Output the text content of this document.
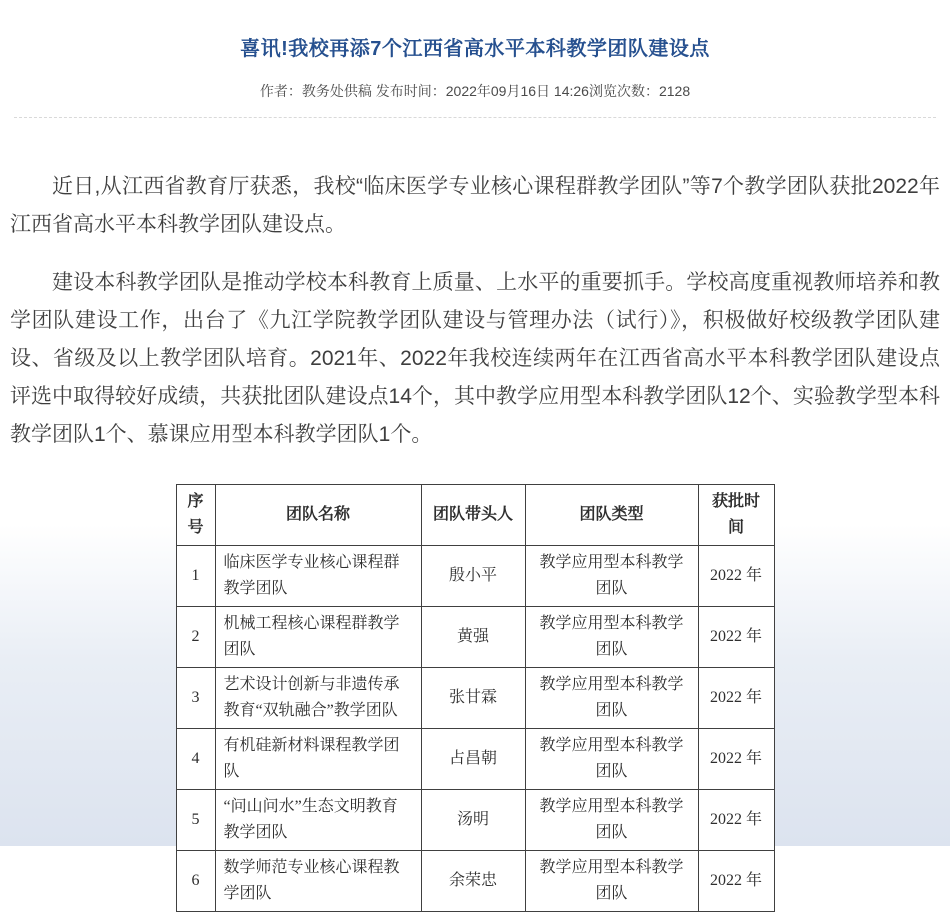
喜讯!我校再添7个江西省高水平本科教学团队建设点
作者：教务处供稿 发布时间：2022年09月16日 14:26浏览次数：2128

近日,从江西省教育厅获悉，我校“临床医学专业核心课程群教学团队”等7个教学团队获批2022年江西省高水平本科教学团队建设点。

建设本科教学团队是推动学校本科教育上质量、上水平的重要抓手。学校高度重视教师培养和教学团队建设工作，出台了《九江学院教学团队建设与管理办法（试行）》，积极做好校级教学团队建设、省级及以上教学团队培育。2021年、2022年我校连续两年在江西省高水平本科教学团队建设点评选中取得较好成绩，共获批团队建设点14个，其中教学应用型本科教学团队12个、实验教学型本科教学团队1个、慕课应用型本科教学团队1个。

序号	团队名称	团队带头人	团队类型	获批时间
1	临床医学专业核心课程群教学团队	殷小平	教学应用型本科教学团队	2022 年
2	机械工程核心课程群教学团队	黄强	教学应用型本科教学团队	2022 年
3	艺术设计创新与非遗传承教育“双轨融合”教学团队	张甘霖	教学应用型本科教学团队	2022 年
4	有机硅新材料课程教学团队	占昌朝	教学应用型本科教学团队	2022 年
5	“问山问水”生态文明教育教学团队	汤明	教学应用型本科教学团队	2022 年
6	数学师范专业核心课程教学团队	余荣忠	教学应用型本科教学团队	2022 年
